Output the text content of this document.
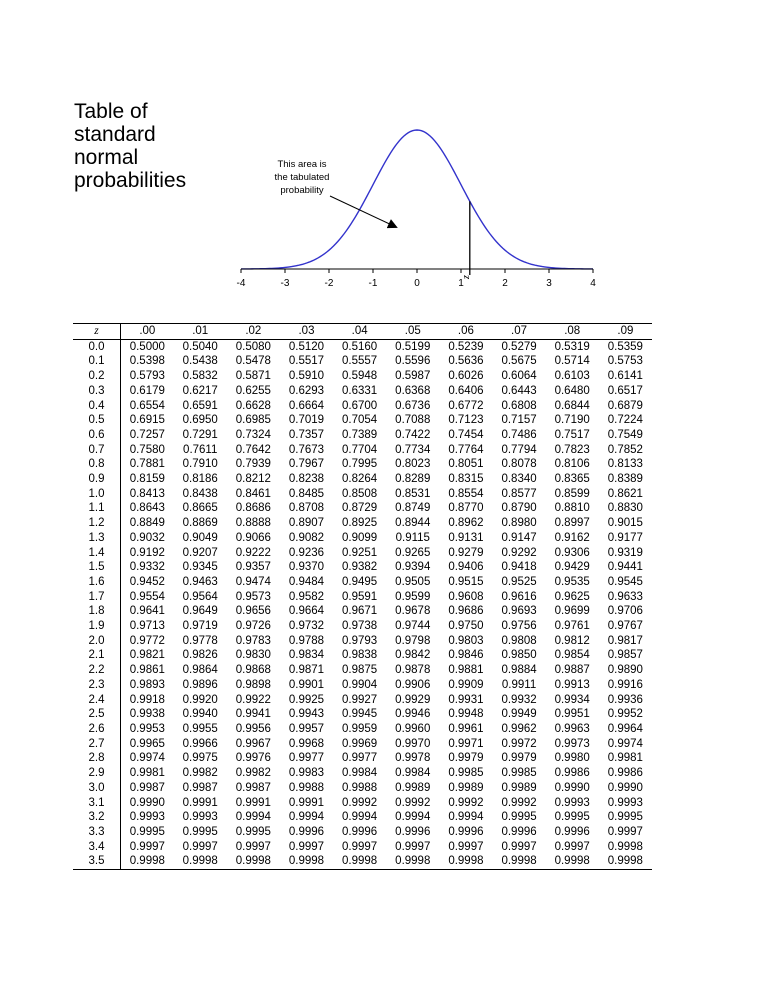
Table of
standard
normal
probabilities
-4	-3	-2	-1	0	1	2	3	4
z
This area is
the tabulated
probability
z	.00	.01	.02	.03	.04	.05	.06	.07	.08	.09
0.0	0.5000	0.5040	0.5080	0.5120	0.5160	0.5199	0.5239	0.5279	0.5319	0.5359
0.1	0.5398	0.5438	0.5478	0.5517	0.5557	0.5596	0.5636	0.5675	0.5714	0.5753
0.2	0.5793	0.5832	0.5871	0.5910	0.5948	0.5987	0.6026	0.6064	0.6103	0.6141
0.3	0.6179	0.6217	0.6255	0.6293	0.6331	0.6368	0.6406	0.6443	0.6480	0.6517
0.4	0.6554	0.6591	0.6628	0.6664	0.6700	0.6736	0.6772	0.6808	0.6844	0.6879
0.5	0.6915	0.6950	0.6985	0.7019	0.7054	0.7088	0.7123	0.7157	0.7190	0.7224
0.6	0.7257	0.7291	0.7324	0.7357	0.7389	0.7422	0.7454	0.7486	0.7517	0.7549
0.7	0.7580	0.7611	0.7642	0.7673	0.7704	0.7734	0.7764	0.7794	0.7823	0.7852
0.8	0.7881	0.7910	0.7939	0.7967	0.7995	0.8023	0.8051	0.8078	0.8106	0.8133
0.9	0.8159	0.8186	0.8212	0.8238	0.8264	0.8289	0.8315	0.8340	0.8365	0.8389
1.0	0.8413	0.8438	0.8461	0.8485	0.8508	0.8531	0.8554	0.8577	0.8599	0.8621
1.1	0.8643	0.8665	0.8686	0.8708	0.8729	0.8749	0.8770	0.8790	0.8810	0.8830
1.2	0.8849	0.8869	0.8888	0.8907	0.8925	0.8944	0.8962	0.8980	0.8997	0.9015
1.3	0.9032	0.9049	0.9066	0.9082	0.9099	0.9115	0.9131	0.9147	0.9162	0.9177
1.4	0.9192	0.9207	0.9222	0.9236	0.9251	0.9265	0.9279	0.9292	0.9306	0.9319
1.5	0.9332	0.9345	0.9357	0.9370	0.9382	0.9394	0.9406	0.9418	0.9429	0.9441
1.6	0.9452	0.9463	0.9474	0.9484	0.9495	0.9505	0.9515	0.9525	0.9535	0.9545
1.7	0.9554	0.9564	0.9573	0.9582	0.9591	0.9599	0.9608	0.9616	0.9625	0.9633
1.8	0.9641	0.9649	0.9656	0.9664	0.9671	0.9678	0.9686	0.9693	0.9699	0.9706
1.9	0.9713	0.9719	0.9726	0.9732	0.9738	0.9744	0.9750	0.9756	0.9761	0.9767
2.0	0.9772	0.9778	0.9783	0.9788	0.9793	0.9798	0.9803	0.9808	0.9812	0.9817
2.1	0.9821	0.9826	0.9830	0.9834	0.9838	0.9842	0.9846	0.9850	0.9854	0.9857
2.2	0.9861	0.9864	0.9868	0.9871	0.9875	0.9878	0.9881	0.9884	0.9887	0.9890
2.3	0.9893	0.9896	0.9898	0.9901	0.9904	0.9906	0.9909	0.9911	0.9913	0.9916
2.4	0.9918	0.9920	0.9922	0.9925	0.9927	0.9929	0.9931	0.9932	0.9934	0.9936
2.5	0.9938	0.9940	0.9941	0.9943	0.9945	0.9946	0.9948	0.9949	0.9951	0.9952
2.6	0.9953	0.9955	0.9956	0.9957	0.9959	0.9960	0.9961	0.9962	0.9963	0.9964
2.7	0.9965	0.9966	0.9967	0.9968	0.9969	0.9970	0.9971	0.9972	0.9973	0.9974
2.8	0.9974	0.9975	0.9976	0.9977	0.9977	0.9978	0.9979	0.9979	0.9980	0.9981
2.9	0.9981	0.9982	0.9982	0.9983	0.9984	0.9984	0.9985	0.9985	0.9986	0.9986
3.0	0.9987	0.9987	0.9987	0.9988	0.9988	0.9989	0.9989	0.9989	0.9990	0.9990
3.1	0.9990	0.9991	0.9991	0.9991	0.9992	0.9992	0.9992	0.9992	0.9993	0.9993
3.2	0.9993	0.9993	0.9994	0.9994	0.9994	0.9994	0.9994	0.9995	0.9995	0.9995
3.3	0.9995	0.9995	0.9995	0.9996	0.9996	0.9996	0.9996	0.9996	0.9996	0.9997
3.4	0.9997	0.9997	0.9997	0.9997	0.9997	0.9997	0.9997	0.9997	0.9997	0.9998
3.5	0.9998	0.9998	0.9998	0.9998	0.9998	0.9998	0.9998	0.9998	0.9998	0.9998
